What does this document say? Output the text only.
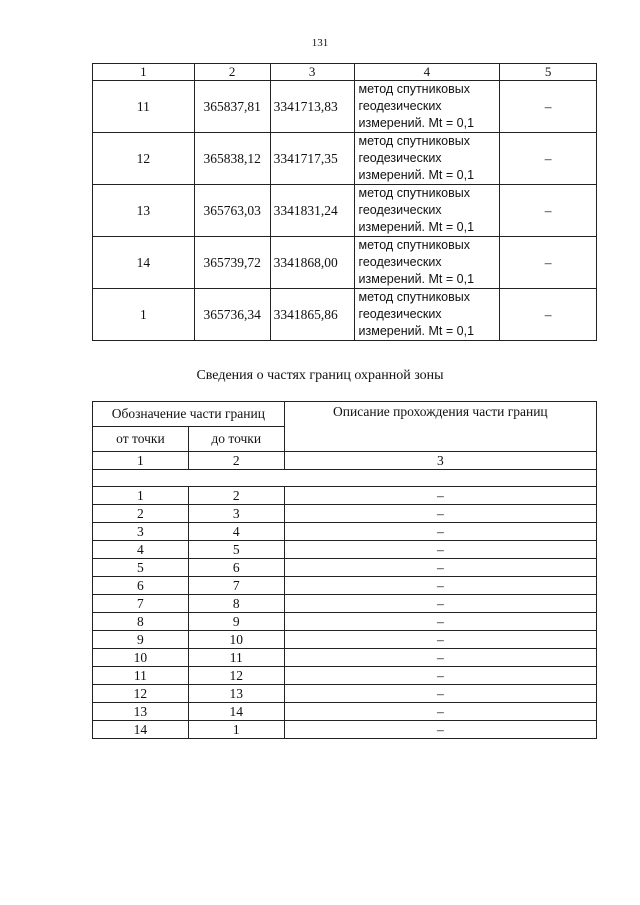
131
1	2	3	4	5
11	365837,81	3341713,83	метод спутниковых
геодезических
измерений. Mt = 0,1	–
12	365838,12	3341717,35	метод спутниковых
геодезических
измерений. Mt = 0,1	–
13	365763,03	3341831,24	метод спутниковых
геодезических
измерений. Mt = 0,1	–
14	365739,72	3341868,00	метод спутниковых
геодезических
измерений. Mt = 0,1	–
1	365736,34	3341865,86	метод спутниковых
геодезических
измерений. Mt = 0,1	–
Сведения о частях границ охранной зоны
Обозначение части границ		Описание прохождения части границ
от точки	до точки	
1	2	3

1	2	–
2	3	–
3	4	–
4	5	–
5	6	–
6	7	–
7	8	–
8	9	–
9	10	–
10	11	–
11	12	–
12	13	–
13	14	–
14	1	–
